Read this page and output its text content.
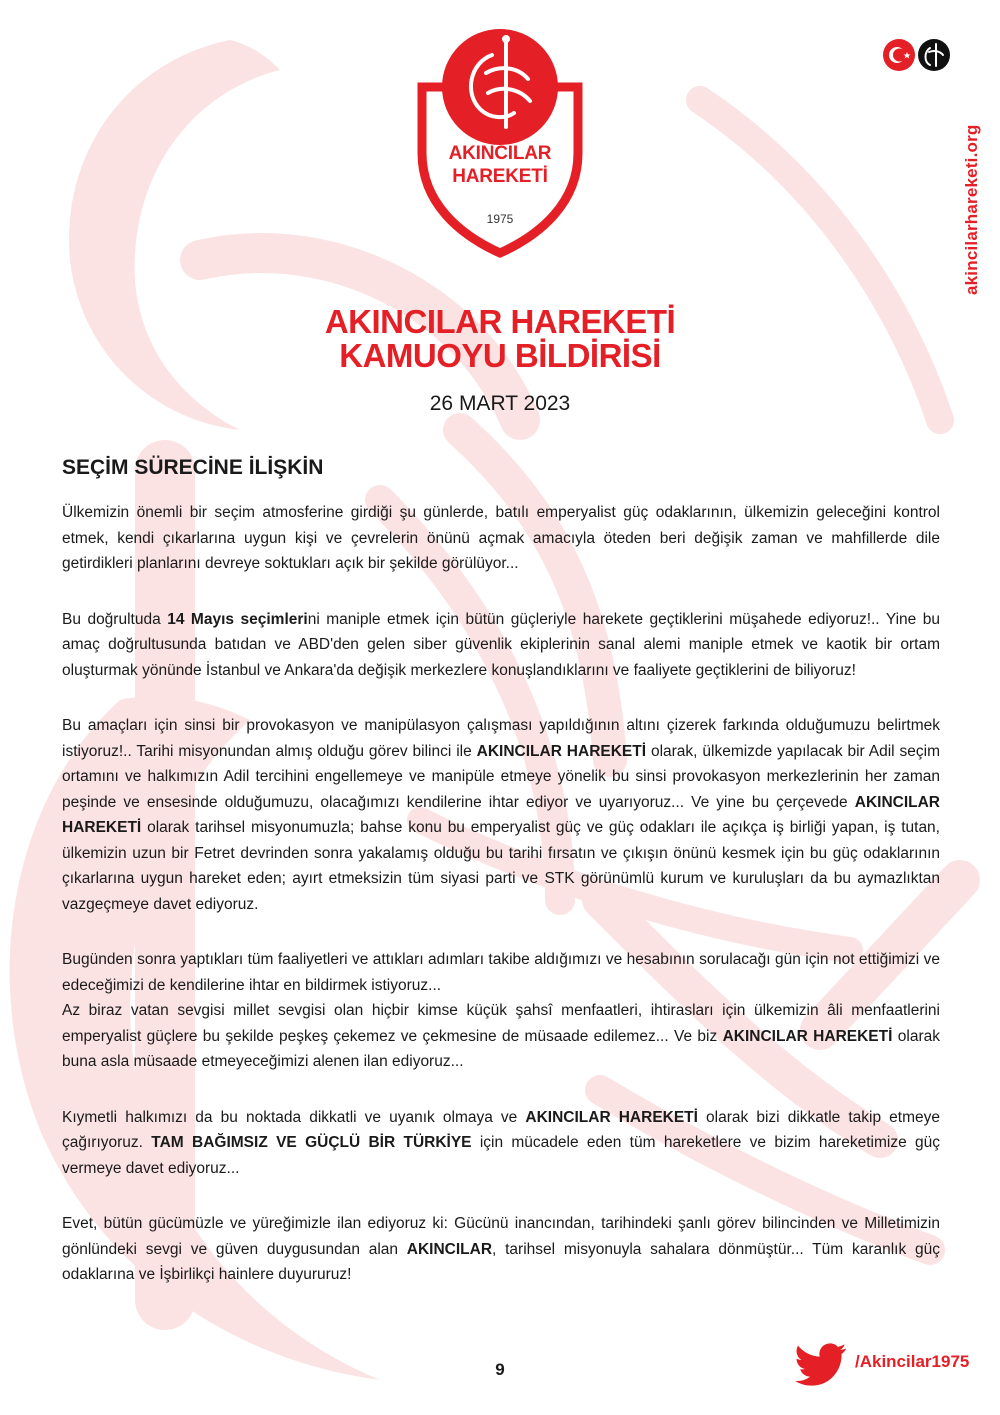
AKINCILAR
HAREKETİ
1975	akincilarhareketi.org
AKINCILAR HAREKETİ
KAMUOYU BİLDİRİSİ
26 MART 2023
SEÇİM SÜRECİNE İLİŞKİN

Ülkemizin önemli bir seçim atmosferine girdiği şu günlerde, batılı emperyalist güç odaklarının, ülkemizin geleceğini kontrol etmek, kendi çıkarlarına uygun kişi ve çevrelerin önünü açmak amacıyla öteden beri değişik zaman ve mahfillerde dile getirdikleri planlarını devreye soktukları açık bir şekilde görülüyor...

Bu doğrultuda 14 Mayıs seçimlerini maniple etmek için bütün güçleriyle harekete geçtiklerini müşahede ediyoruz!.. Yine bu amaç doğrultusunda batıdan ve ABD'den gelen siber güvenlik ekiplerinin sanal alemi maniple etmek ve kaotik bir ortam oluşturmak yönünde İstanbul ve Ankara'da değişik merkezlere konuşlandıklarını ve faaliyete geçtiklerini de biliyoruz!

Bu amaçları için sinsi bir provokasyon ve manipülasyon çalışması yapıldığının altını çizerek farkında olduğumuzu belirtmek istiyoruz!.. Tarihi misyonundan almış olduğu görev bilinci ile AKINCILAR HAREKETİ olarak, ülkemizde yapılacak bir Adil seçim ortamını ve halkımızın Adil tercihini engellemeye ve manipüle etmeye yönelik bu sinsi provokasyon merkezlerinin her zaman peşinde ve ensesinde olduğumuzu, olacağımızı kendilerine ihtar ediyor ve uyarıyoruz... Ve yine bu çerçevede AKINCILAR HAREKETİ olarak tarihsel misyonumuzla; bahse konu bu emperyalist güç ve güç odakları ile açıkça iş birliği yapan, iş tutan, ülkemizin uzun bir Fetret devrinden sonra yakalamış olduğu bu tarihi fırsatın ve çıkışın önünü kesmek için bu güç odaklarının çıkarlarına uygun hareket eden; ayırt etmeksizin tüm siyasi parti ve STK görünümlü kurum ve kuruluşları da bu aymazlıktan vazgeçmeye davet ediyoruz.

Bugünden sonra yaptıkları tüm faaliyetleri ve attıkları adımları takibe aldığımızı ve hesabının sorulacağı gün için not ettiğimizi ve edeceğimizi de kendilerine ihtar en bildirmek istiyoruz...

Az biraz vatan sevgisi millet sevgisi olan hiçbir kimse küçük şahsî menfaatleri, ihtirasları için ülkemizin âli menfaatlerini emperyalist güçlere bu şekilde peşkeş çekemez ve çekmesine de müsaade edilemez... Ve biz AKINCILAR HAREKETİ olarak buna asla müsaade etmeyeceğimizi alenen ilan ediyoruz...

Kıymetli halkımızı da bu noktada dikkatli ve uyanık olmaya ve AKINCILAR HAREKETİ olarak bizi dikkatle takip etmeye çağırıyoruz. TAM BAĞIMSIZ VE GÜÇLÜ BİR TÜRKİYE için mücadele eden tüm hareketlere ve bizim hareketimize güç vermeye davet ediyoruz...

Evet, bütün gücümüzle ve yüreğimizle ilan ediyoruz ki: Gücünü inancından, tarihindeki şanlı görev bilincinden ve Milletimizin gönlündeki sevgi ve güven duygusundan alan AKINCILAR, tarihsel misyonuyla sahalara dönmüştür... Tüm karanlık güç odaklarına ve İşbirlikçi hainlere duyururuz!

9	/Akincilar1975
